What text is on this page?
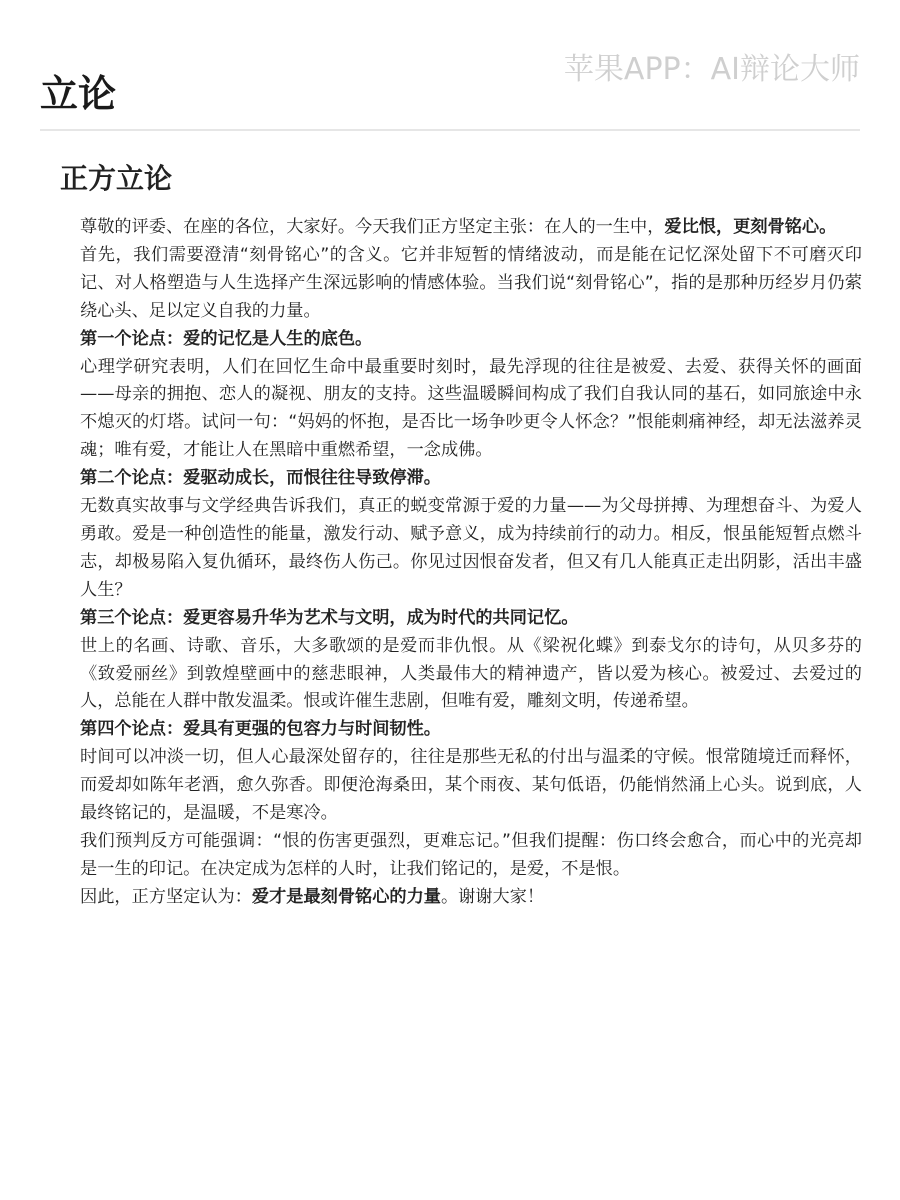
苹果APP：AI辩论大师
立论
正方立论

尊敬的评委、在座的各位，大家好。今天我们正方坚定主张：在人的一生中，爱比恨，更刻骨铭心。

首先，我们需要澄清“刻骨铭心”的含义。它并非短暂的情绪波动，而是能在记忆深处留下不可磨灭印记、对人格塑造与人生选择产生深远影响的情感体验。当我们说“刻骨铭心”，指的是那种历经岁月仍萦绕心头、足以定义自我的力量。

第一个论点：爱的记忆是人生的底色。

心理学研究表明，人们在回忆生命中最重要时刻时，最先浮现的往往是被爱、去爱、获得关怀的画面——母亲的拥抱、恋人的凝视、朋友的支持。这些温暖瞬间构成了我们自我认同的基石，如同旅途中永不熄灭的灯塔。试问一句：“妈妈的怀抱，是否比一场争吵更令人怀念？”恨能刺痛神经，却无法滋养灵魂；唯有爱，才能让人在黑暗中重燃希望，一念成佛。

第二个论点：爱驱动成长，而恨往往导致停滞。

无数真实故事与文学经典告诉我们，真正的蜕变常源于爱的力量——为父母拼搏、为理想奋斗、为爱人勇敢。爱是一种创造性的能量，激发行动、赋予意义，成为持续前行的动力。相反，恨虽能短暂点燃斗志，却极易陷入复仇循环，最终伤人伤己。你见过因恨奋发者，但又有几人能真正走出阴影，活出丰盛人生？

第三个论点：爱更容易升华为艺术与文明，成为时代的共同记忆。

世上的名画、诗歌、音乐，大多歌颂的是爱而非仇恨。从《梁祝化蝶》到泰戈尔的诗句，从贝多芬的《致爱丽丝》到敦煌壁画中的慈悲眼神，人类最伟大的精神遗产，皆以爱为核心。被爱过、去爱过的人，总能在人群中散发温柔。恨或许催生悲剧，但唯有爱，雕刻文明，传递希望。

第四个论点：爱具有更强的包容力与时间韧性。

时间可以冲淡一切，但人心最深处留存的，往往是那些无私的付出与温柔的守候。恨常随境迁而释怀，而爱却如陈年老酒，愈久弥香。即便沧海桑田，某个雨夜、某句低语，仍能悄然涌上心头。说到底，人最终铭记的，是温暖，不是寒冷。

我们预判反方可能强调：“恨的伤害更强烈，更难忘记。”但我们提醒：伤口终会愈合，而心中的光亮却是一生的印记。在决定成为怎样的人时，让我们铭记的，是爱，不是恨。

因此，正方坚定认为：爱才是最刻骨铭心的力量。谢谢大家！
